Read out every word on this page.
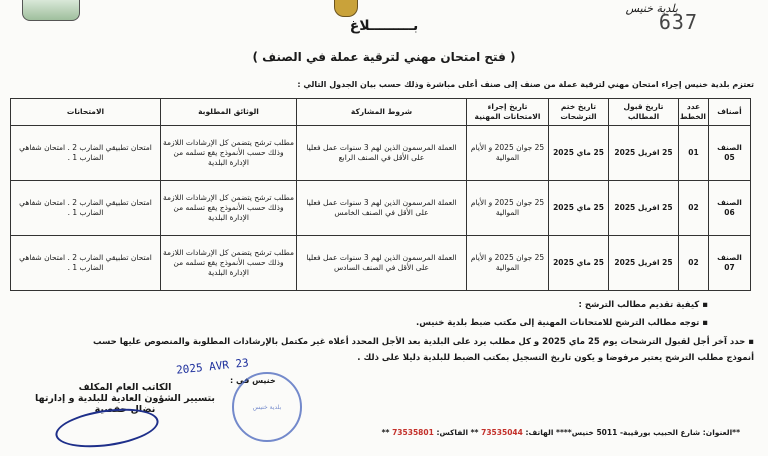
بلدية خنيس
637
بـــــــــلاغ
( فتح امتحان مهني لترقية عملة في الصنف )
تعتزم بلدية خنيس إجراء امتحان مهني لترقية عملة من صنف إلى صنف أعلى مباشرة وذلك حسب بيان الجدول التالي :
أصناف	عدد الخطط	تاريخ قبول المطالب	تاريخ ختم الترشحات	تاريخ إجراء الامتحانات المهنية	شروط المشاركة	الوثائق المطلوبة	الامتحانات
الصنف 05	01	25 افريل 2025	25 ماي 2025	25 جوان 2025 و الأيام الموالية	العملة المرسمون الذين لهم 3 سنوات عمل فعليا على الأقل في الصنف الرابع	مطلب ترشح يتضمن كل الإرشادات اللازمة وذلك حسب الأنموذج يقع تسلمه من الإدارة البلدية	امتحان تطبيقي الضارب 2 . امتحان شفاهي الضارب 1 .
الصنف 06	02	25 افريل 2025	25 ماي 2025	25 جوان 2025 و الأيام الموالية	العملة المرسمون الذين لهم 3 سنوات عمل فعليا على الأقل في الصنف الخامس	مطلب ترشح يتضمن كل الإرشادات اللازمة وذلك حسب الأنموذج يقع تسلمه من الإدارة البلدية	امتحان تطبيقي الضارب 2 . امتحان شفاهي الضارب 1 .
الصنف 07	02	25 افريل 2025	25 ماي 2025	25 جوان 2025 و الأيام الموالية	العملة المرسمون الذين لهم 3 سنوات عمل فعليا على الأقل في الصنف السادس	مطلب ترشح يتضمن كل الإرشادات اللازمة وذلك حسب الأنموذج يقع تسلمه من الإدارة البلدية	امتحان تطبيقي الضارب 2 . امتحان شفاهي الضارب 1 .
▪ كيفية تقديم مطالب الترشح :
▪ توجه مطالب الترشح للامتحانات المهنية إلى مكتب ضبط بلدية خنيس.
▪ حدد آخر أجل لقبول الترشحات يوم 25 ماي 2025 و كل مطلب يرد على البلدية بعد الأجل المحدد أعلاه غير مكتمل بالإرشادات المطلوبة والمنصوص عليها حسب
أنموذج مطلب الترشح يعتبر مرفوضا و يكون تاريخ التسجيل بمكتب الضبط للبلدية دليلا على ذلك .
2025 AVR 23
خنيس في :
بلدية خنيس
الكاتب العام المكلف
بتسيير الشؤون العادية للبلدية و إدارتها
نضال حفصية
**العنوان: شارع الحبيب بورقيبة- 5011 خنيس**** الهاتف: 73535044 ** الفاكس: 73535801 **
